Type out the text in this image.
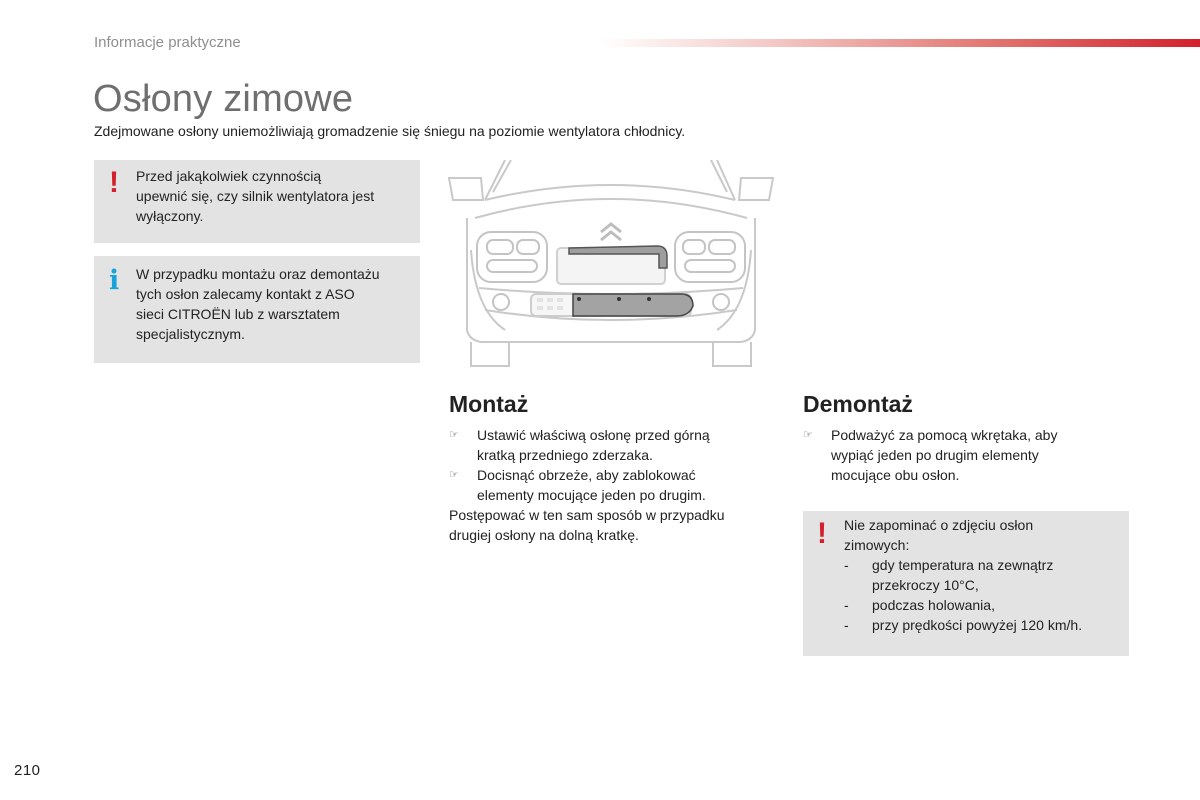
Informacje praktyczne
Osłony zimowe
Zdejmowane osłony uniemożliwiają gromadzenie się śniegu na poziomie wentylatora chłodnicy.
! Przed jakąkolwiek czynnością

upewnić się, czy silnik wentylatora jest

wyłączony.

i W przypadku montażu oraz demontażu

tych osłon zalecamy kontakt z ASO

sieci CITROËN lub z warsztatem

specjalistycznym.

Montaż
☞	Ustawić właściwą osłonę przed górną
kratką przedniego zderzaka.
☞	Docisnąć obrzeże, aby zablokować
elementy mocujące jeden po drugim.
Postępować w ten sam sposób w przypadku
drugiej osłony na dolną kratkę.
Demontaż
☞	Podważyć za pomocą wkrętaka, aby
wypiąć jeden po drugim elementy
mocujące obu osłon.
! Nie zapominać o zdjęciu osłon
zimowych:
- gdy temperatura na zewnątrz
przekroczy 10°C,
- podczas holowania,
- przy prędkości powyżej 120 km/h.
210
